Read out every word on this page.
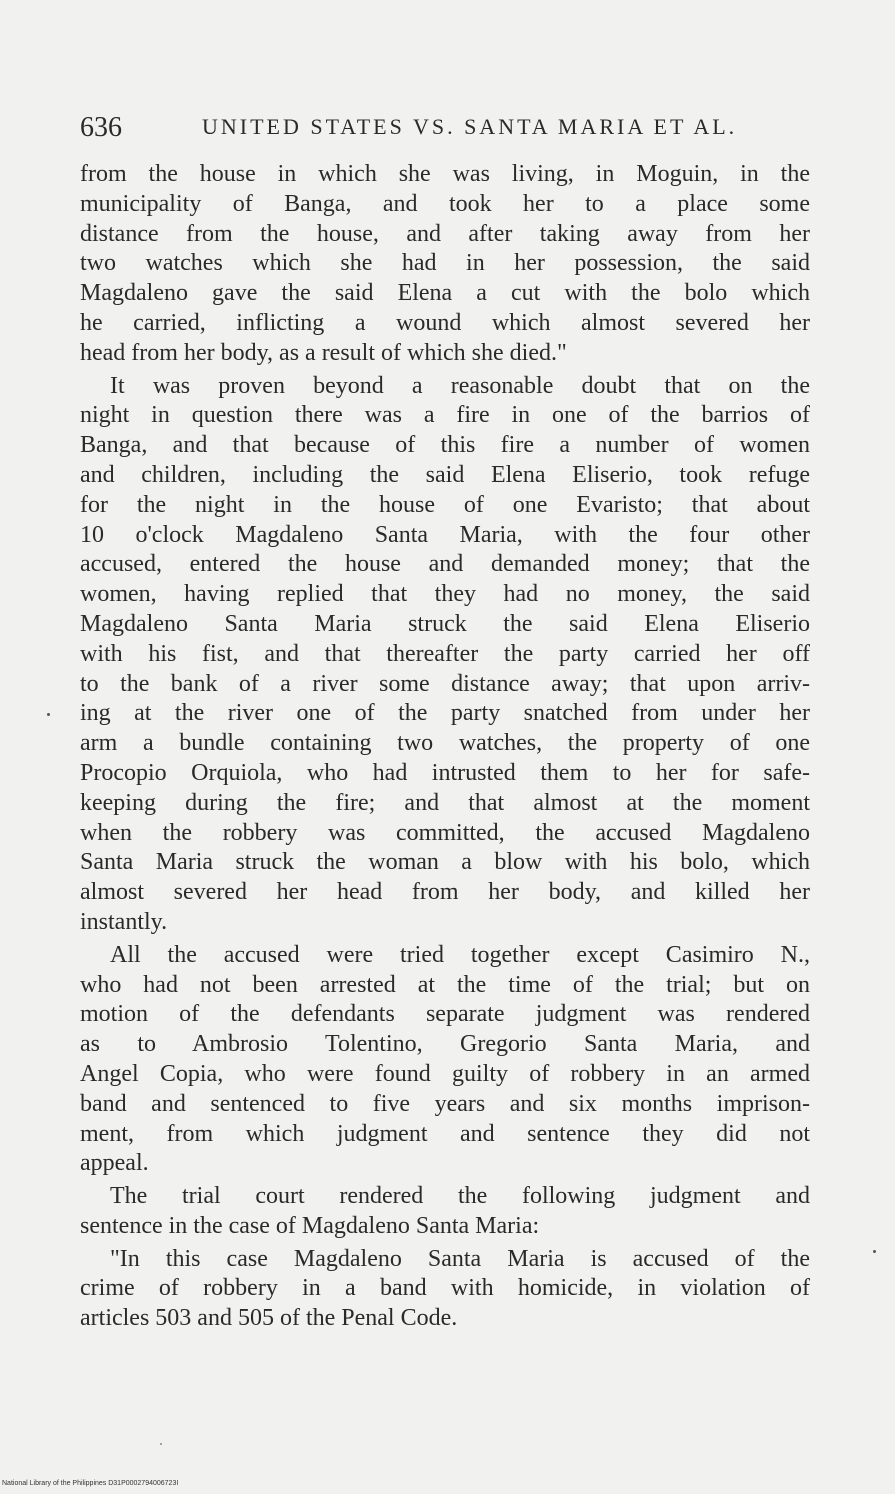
636	UNITED STATES VS. SANTA MARIA ET AL.

from the house in which she was living, in Moguin, in the
municipality of Banga, and took her to a place some
distance from the house, and after taking away from her
two watches which she had in her possession, the said
Magdaleno gave the said Elena a cut with the bolo which
he carried, inflicting a wound which almost severed her
head from her body, as a result of which she died."

It was proven beyond a reasonable doubt that on the
night in question there was a fire in one of the barrios of
Banga, and that because of this fire a number of women
and children, including the said Elena Eliserio, took refuge
for the night in the house of one Evaristo; that about
10 o'clock Magdaleno Santa Maria, with the four other
accused, entered the house and demanded money; that the
women, having replied that they had no money, the said
Magdaleno Santa Maria struck the said Elena Eliserio
with his fist, and that thereafter the party carried her off
to the bank of a river some distance away; that upon arriv-
ing at the river one of the party snatched from under her
arm a bundle containing two watches, the property of one
Procopio Orquiola, who had intrusted them to her for safe-
keeping during the fire; and that almost at the moment
when the robbery was committed, the accused Magdaleno
Santa Maria struck the woman a blow with his bolo, which
almost severed her head from her body, and killed her
instantly.

All the accused were tried together except Casimiro N.,
who had not been arrested at the time of the trial; but on
motion of the defendants separate judgment was rendered
as to Ambrosio Tolentino, Gregorio Santa Maria, and
Angel Copia, who were found guilty of robbery in an armed
band and sentenced to five years and six months imprison-
ment, from which judgment and sentence they did not
appeal.

The trial court rendered the following judgment and
sentence in the case of Magdaleno Santa Maria:

"In this case Magdaleno Santa Maria is accused of the
crime of robbery in a band with homicide, in violation of
articles 503 and 505 of the Penal Code.

National Library of the Philippines D31P0002794006723I
